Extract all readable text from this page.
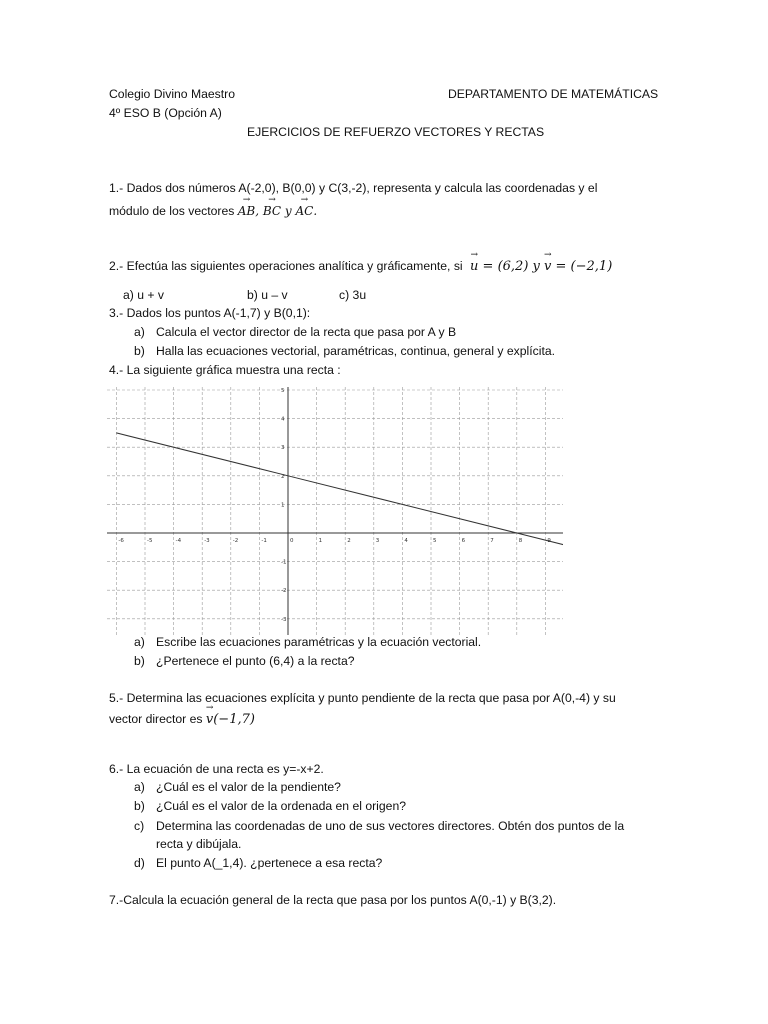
Colegio Divino Maestro	DEPARTAMENTO DE MATEMÁTICAS
4º ESO B (Opción A)
EJERCICIOS DE REFUERZO VECTORES Y RECTAS
1.- Dados dos números A(-2,0), B(0,0) y C(3,-2), representa y calcula las coordenadas y el
módulo de los vectores → AB, → BC y → AC.
2.- Efectúa las siguientes operaciones analítica y gráficamente, si → u = (6,2) y → v = (−2,1)
a) u + v	b) u – v	c) 3u
3.- Dados los puntos A(-1,7) y B(0,1):
a) Calcula el vector director de la recta que pasa por A y B
b) Halla las ecuaciones vectorial, paramétricas, continua, general y explícita.
4.- La siguiente gráfica muestra una recta :
-6	-5	-4	-3	-2	-1	0	1	2	3	4	5	6	7	8	9
5
4
3
2
1
-1
-2
-3
a) Escribe las ecuaciones paramétricas y la ecuación vectorial.
b) ¿Pertenece el punto (6,4) a la recta?
5.- Determina las ecuaciones explícita y punto pendiente de la recta que pasa por A(0,-4) y su
vector director es → v(−1,7)
6.- La ecuación de una recta es y=-x+2.
a) ¿Cuál es el valor de la pendiente?
b) ¿Cuál es el valor de la ordenada en el origen?
c) Determina las coordenadas de uno de sus vectores directores. Obtén dos puntos de la
recta y dibújala.
d) El punto A(_1,4). ¿pertenece a esa recta?
7.-Calcula la ecuación general de la recta que pasa por los puntos A(0,-1) y B(3,2).
